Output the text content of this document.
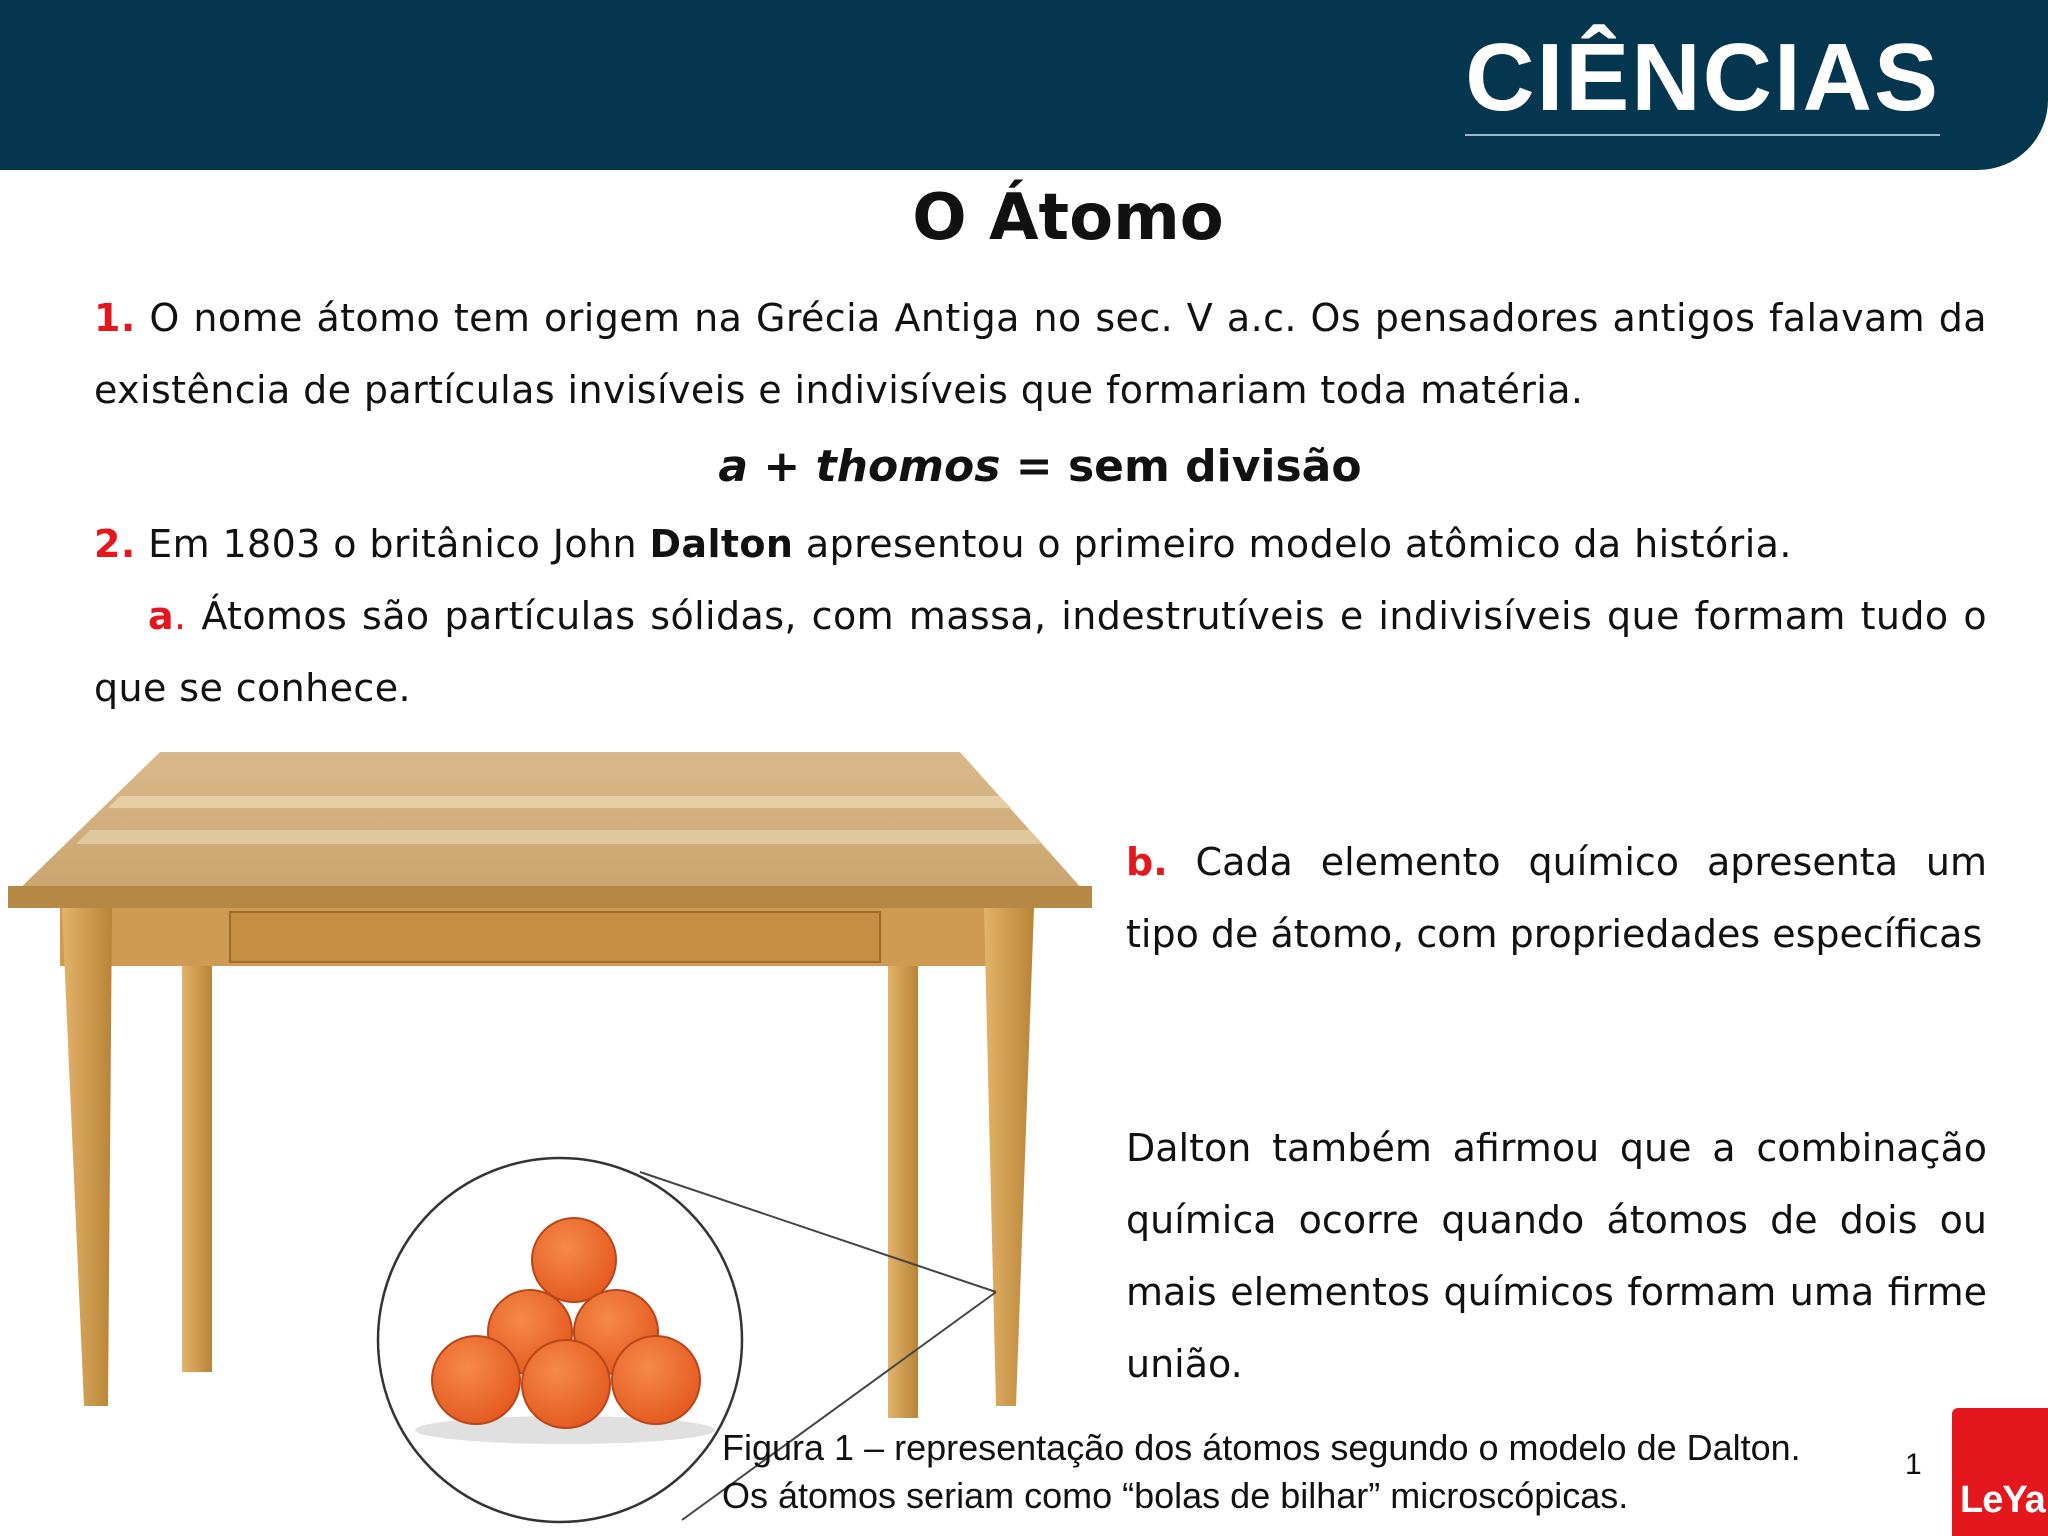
CIÊNCIAS
O Átomo
1. O nome átomo tem origem na Grécia Antiga no sec. V a.c. Os pensadores antigos falavam da existência de partículas invisíveis e indivisíveis que formariam toda matéria.
a + thomos = sem divisão
2. Em 1803 o britânico John Dalton apresentou o primeiro modelo atômico da história.
a. Átomos são partículas sólidas, com massa, indestrutíveis e indivisíveis que formam tudo o que se conhece.
b. Cada elemento químico apresenta um tipo de átomo, com propriedades específicas
Dalton também afirmou que a combinação química ocorre quando átomos de dois ou mais elementos químicos formam uma firme união.
Figura 1 – representação dos átomos segundo o modelo de Dalton.
Os átomos seriam como “bolas de bilhar” microscópicas.
1
LeYa
